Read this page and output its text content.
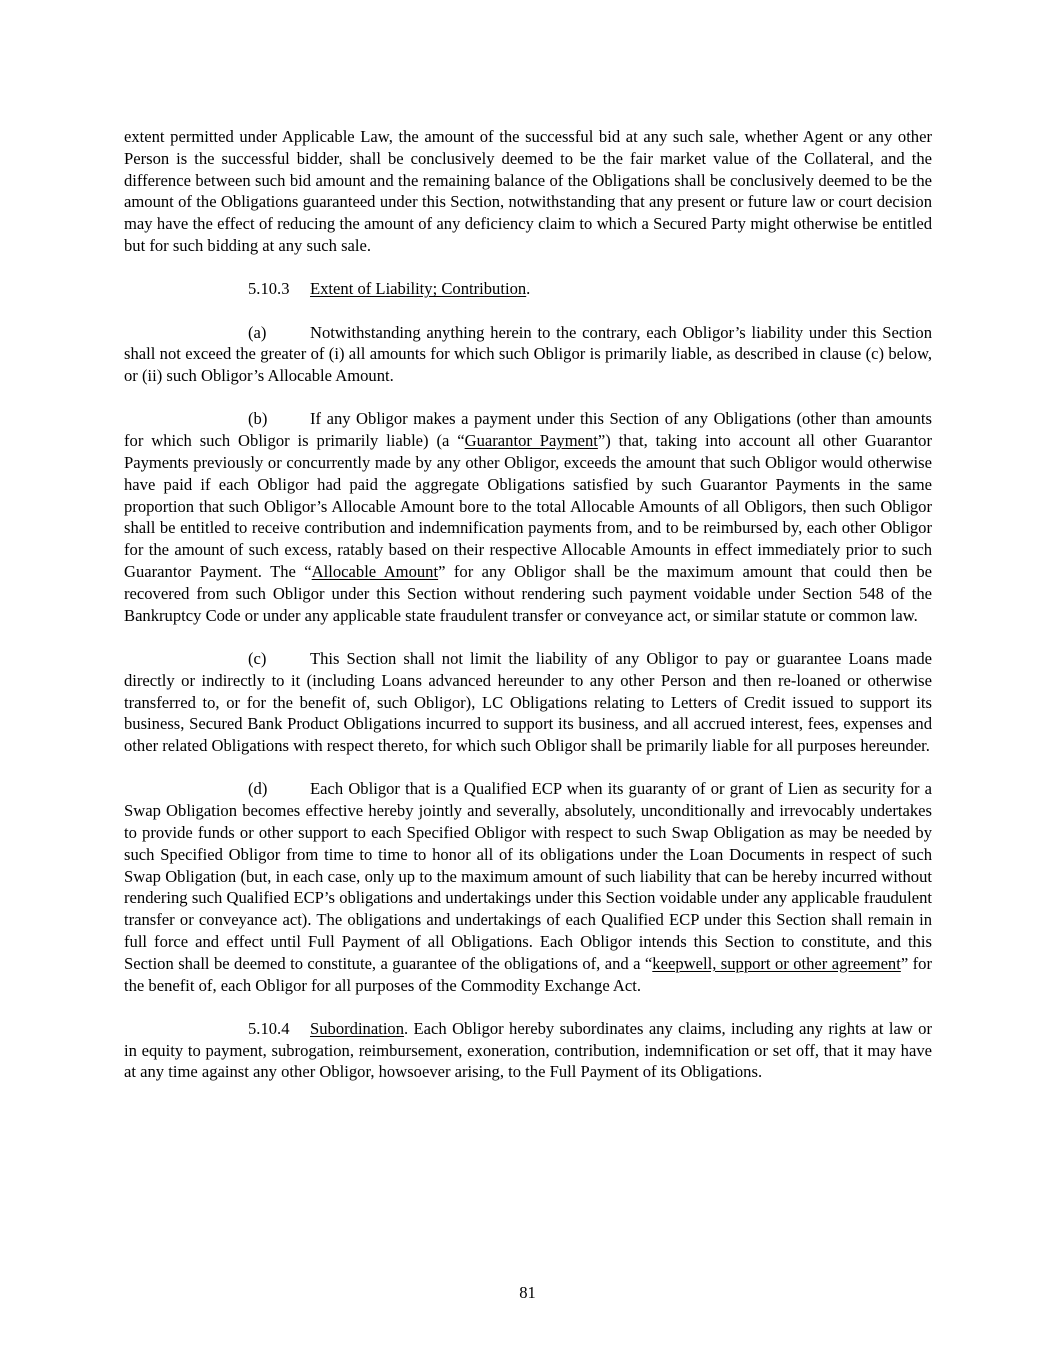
extent permitted under Applicable Law, the amount of the successful bid at any such sale, whether Agent or any other Person is the successful bidder, shall be conclusively deemed to be the fair market value of the Collateral, and the difference between such bid amount and the remaining balance of the Obligations shall be conclusively deemed to be the amount of the Obligations guaranteed under this Section, notwithstanding that any present or future law or court decision may have the effect of reducing the amount of any deficiency claim to which a Secured Party might otherwise be entitled but for such bidding at any such sale.

5.10.3 Extent of Liability; Contribution.

(a)	Notwithstanding anything herein to the contrary, each Obligor’s liability under this Section shall not exceed the greater of (i) all amounts for which such Obligor is primarily liable, as described in clause (c) below, or (ii) such Obligor’s Allocable Amount.

(b)	If any Obligor makes a payment under this Section of any Obligations (other than amounts for which such Obligor is primarily liable) (a “Guarantor Payment”) that, taking into account all other Guarantor Payments previously or concurrently made by any other Obligor, exceeds the amount that such Obligor would otherwise have paid if each Obligor had paid the aggregate Obligations satisfied by such Guarantor Payments in the same proportion that such Obligor’s Allocable Amount bore to the total Allocable Amounts of all Obligors, then such Obligor shall be entitled to receive contribution and indemnification payments from, and to be reimbursed by, each other Obligor for the amount of such excess, ratably based on their respective Allocable Amounts in effect immediately prior to such Guarantor Payment. The “Allocable Amount” for any Obligor shall be the maximum amount that could then be recovered from such Obligor under this Section without rendering such payment voidable under Section 548 of the Bankruptcy Code or under any applicable state fraudulent transfer or conveyance act, or similar statute or common law.

(c)	This Section shall not limit the liability of any Obligor to pay or guarantee Loans made directly or indirectly to it (including Loans advanced hereunder to any other Person and then re-loaned or otherwise transferred to, or for the benefit of, such Obligor), LC Obligations relating to Letters of Credit issued to support its business, Secured Bank Product Obligations incurred to support its business, and all accrued interest, fees, expenses and other related Obligations with respect thereto, for which such Obligor shall be primarily liable for all purposes hereunder.

(d)	Each Obligor that is a Qualified ECP when its guaranty of or grant of Lien as security for a Swap Obligation becomes effective hereby jointly and severally, absolutely, unconditionally and irrevocably undertakes to provide funds or other support to each Specified Obligor with respect to such Swap Obligation as may be needed by such Specified Obligor from time to time to honor all of its obligations under the Loan Documents in respect of such Swap Obligation (but, in each case, only up to the maximum amount of such liability that can be hereby incurred without rendering such Qualified ECP’s obligations and undertakings under this Section voidable under any applicable fraudulent transfer or conveyance act). The obligations and undertakings of each Qualified ECP under this Section shall remain in full force and effect until Full Payment of all Obligations. Each Obligor intends this Section to constitute, and this Section shall be deemed to constitute, a guarantee of the obligations of, and a “keepwell, support or other agreement” for the benefit of, each Obligor for all purposes of the Commodity Exchange Act.

5.10.4 Subordination. Each Obligor hereby subordinates any claims, including any rights at law or in equity to payment, subrogation, reimbursement, exoneration, contribution, indemnification or set off, that it may have at any time against any other Obligor, howsoever arising, to the Full Payment of its Obligations.

81
